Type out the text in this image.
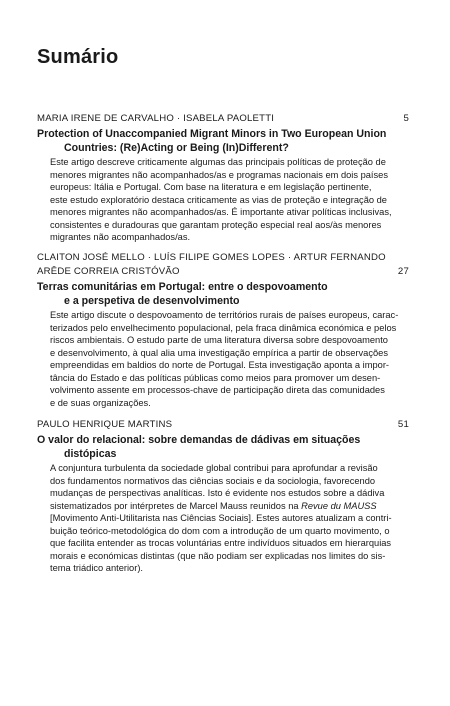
Sumário
MARIA IRENE DE CARVALHO · ISABELA PAOLETTI	5
Protection of Unaccompanied Migrant Minors in Two European Union
Countries: (Re)Acting or Being (In)Different?
Este artigo descreve criticamente algumas das principais políticas de proteção de
menores migrantes não acompanhados/as e programas nacionais em dois países
europeus: Itália e Portugal. Com base na literatura e em legislação pertinente,
este estudo exploratório destaca criticamente as vias de proteção e integração de
menores migrantes não acompanhados/as. É importante ativar políticas inclusivas,
consistentes e duradouras que garantam proteção especial real aos/às menores
migrantes não acompanhados/as.
CLAITON JOSÉ MELLO · LUÍS FILIPE GOMES LOPES · ARTUR FERNANDO
ARÊDE CORREIA CRISTÓVÃO	27
Terras comunitárias em Portugal: entre o despovoamento
e a perspetiva de desenvolvimento
Este artigo discute o despovoamento de territórios rurais de países europeus, carac-
terizados pelo envelhecimento populacional, pela fraca dinâmica económica e pelos
riscos ambientais. O estudo parte de uma literatura diversa sobre despovoamento
e desenvolvimento, à qual alia uma investigação empírica a partir de observações
empreendidas em baldios do norte de Portugal. Esta investigação aponta a impor-
tância do Estado e das políticas públicas como meios para promover um desen-
volvimento assente em processos-chave de participação direta das comunidades
e de suas organizações.
PAULO HENRIQUE MARTINS	51
O valor do relacional: sobre demandas de dádivas em situações
distópicas
A conjuntura turbulenta da sociedade global contribui para aprofundar a revisão
dos fundamentos normativos das ciências sociais e da sociologia, favorecendo
mudanças de perspectivas analíticas. Isto é evidente nos estudos sobre a dádiva
sistematizados por intérpretes de Marcel Mauss reunidos na Revue du MAUSS
[Movimento Anti-Utilitarista nas Ciências Sociais]. Estes autores atualizam a contri-
buição teórico-metodológica do dom com a introdução de um quarto movimento, o
que facilita entender as trocas voluntárias entre indivíduos situados em hierarquias
morais e económicas distintas (que não podiam ser explicadas nos limites do sis-
tema triádico anterior).
